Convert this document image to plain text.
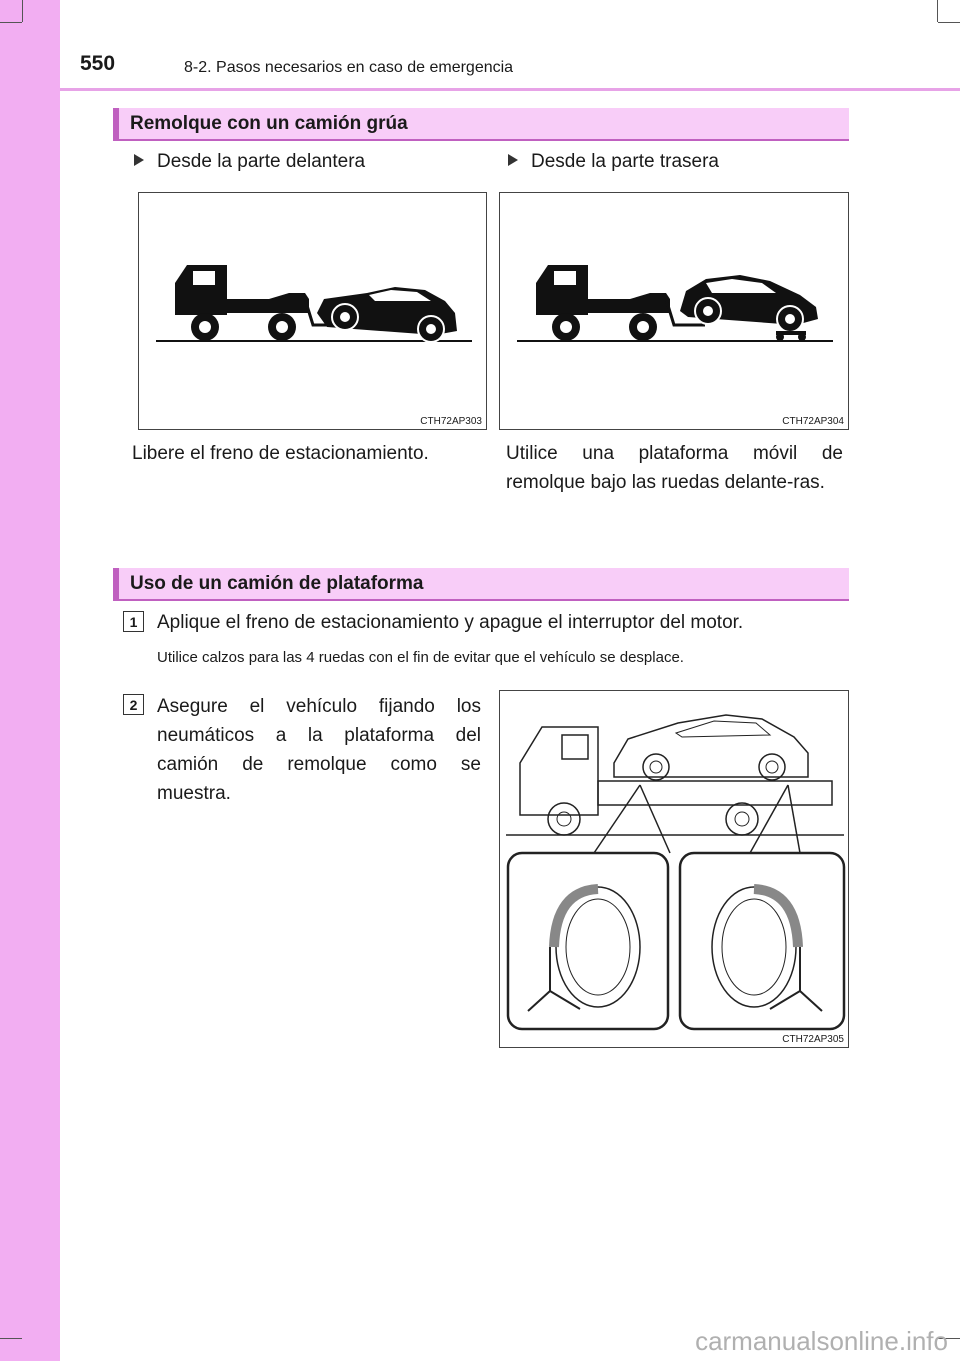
550	8-2. Pasos necesarios en caso de emergencia
Remolque con un camión grúa
Desde la parte delantera	Desde la parte trasera
CTH72AP303	CTH72AP304
Libere el freno de estacionamiento.	Utilice una plataforma móvil de remolque bajo las ruedas delante-ras.
Uso de un camión de plataforma
1	Aplique el freno de estacionamiento y apague el interruptor del motor.
Utilice calzos para las 4 ruedas con el fin de evitar que el vehículo se desplace.
2	Asegure el vehículo fijando los neumáticos a la plataforma del camión de remolque como se muestra.
CTH72AP305
carmanualsonline.info
